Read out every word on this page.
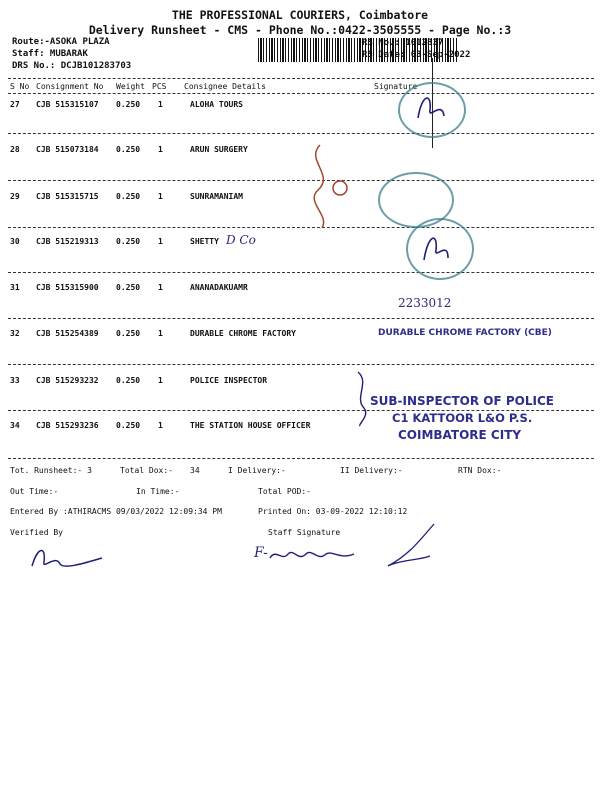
THE PROFESSIONAL COURIERS, Coimbatore
Delivery Runsheet - CMS - Phone No.:0422-3505555 - Page No.:3
Route:-ASOKA PLAZA
Staff: MUBARAK
DRS No.: DCJB101283703
RS No.: 1012837
RS Date: 03-Sep-2022
S No Consignment No Weight PCS Consignee Details	Signature
27 CJB 515315107 0.250 1	ALOHA TOURS
28 CJB 515073184 0.250 1	ARUN SURGERY
29 CJB 515315715 0.250 1	SUNRAMANIAM
30 CJB 515219313 0.250 1	SHETTY D Co
31 CJB 515315900 0.250 1	ANANADAKUAMR
32 CJB 515254389 0.250 1	DURABLE CHROME FACTORY
33 CJB 515293232 0.250 1	POLICE INSPECTOR
34 CJB 515293236 0.250 1	THE STATION HOUSE OFFICER
2233012
DURABLE CHROME FACTORY (CBE)
SUB-INSPECTOR OF POLICE
C1 KATTOOR L&O P.S.
COIMBATORE CITY
Tot. Runsheet:- 3	Total Dox:- 34	I Delivery:-	II Delivery:-	RTN Dox:-
Out Time:-	In Time:-	Total POD:-
Entered By :ATHIRACMS 09/03/2022 12:09:34 PM	Printed On: 03-09-2022 12:10:12
Verified By	Staff Signature
F-
